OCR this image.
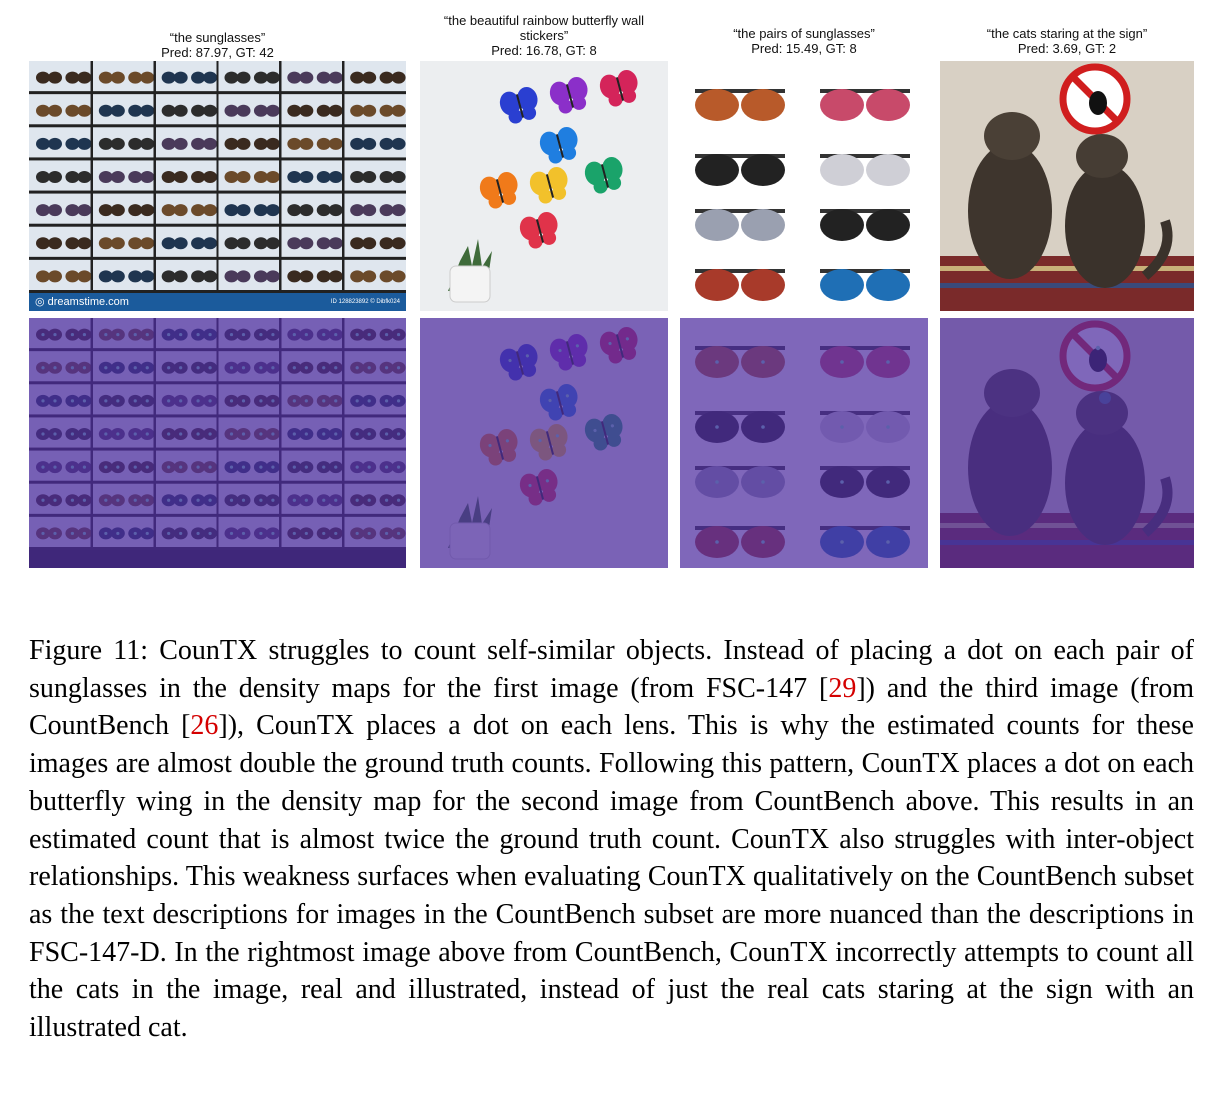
“the sunglasses”
Pred: 87.97, GT: 42
◎ dreamstime.com	ID 128823892 © Dibfk024
“the beautiful rainbow butterfly wall stickers”
Pred: 16.78, GT: 8
“the pairs of sunglasses”
Pred: 15.49, GT: 8
“the cats staring at the sign”
Pred: 3.69, GT: 2
Figure 11: CounTX struggles to count self-similar objects. Instead of placing a dot on each pair of sunglasses in the density maps for the first image (from FSC-147 [29]) and the third image (from CountBench [26]), CounTX places a dot on each lens. This is why the estimated counts for these images are almost double the ground truth counts. Following this pattern, CounTX places a dot on each butterfly wing in the density map for the second image from CountBench above. This results in an estimated count that is almost twice the ground truth count. CounTX also struggles with inter-object relationships. This weakness surfaces when evaluating CounTX qualitatively on the CountBench subset as the text descriptions for images in the CountBench subset are more nuanced than the descriptions in FSC-147-D. In the rightmost image above from CountBench, CounTX incorrectly attempts to count all the cats in the image, real and illustrated, instead of just the real cats staring at the sign with an illustrated cat.
